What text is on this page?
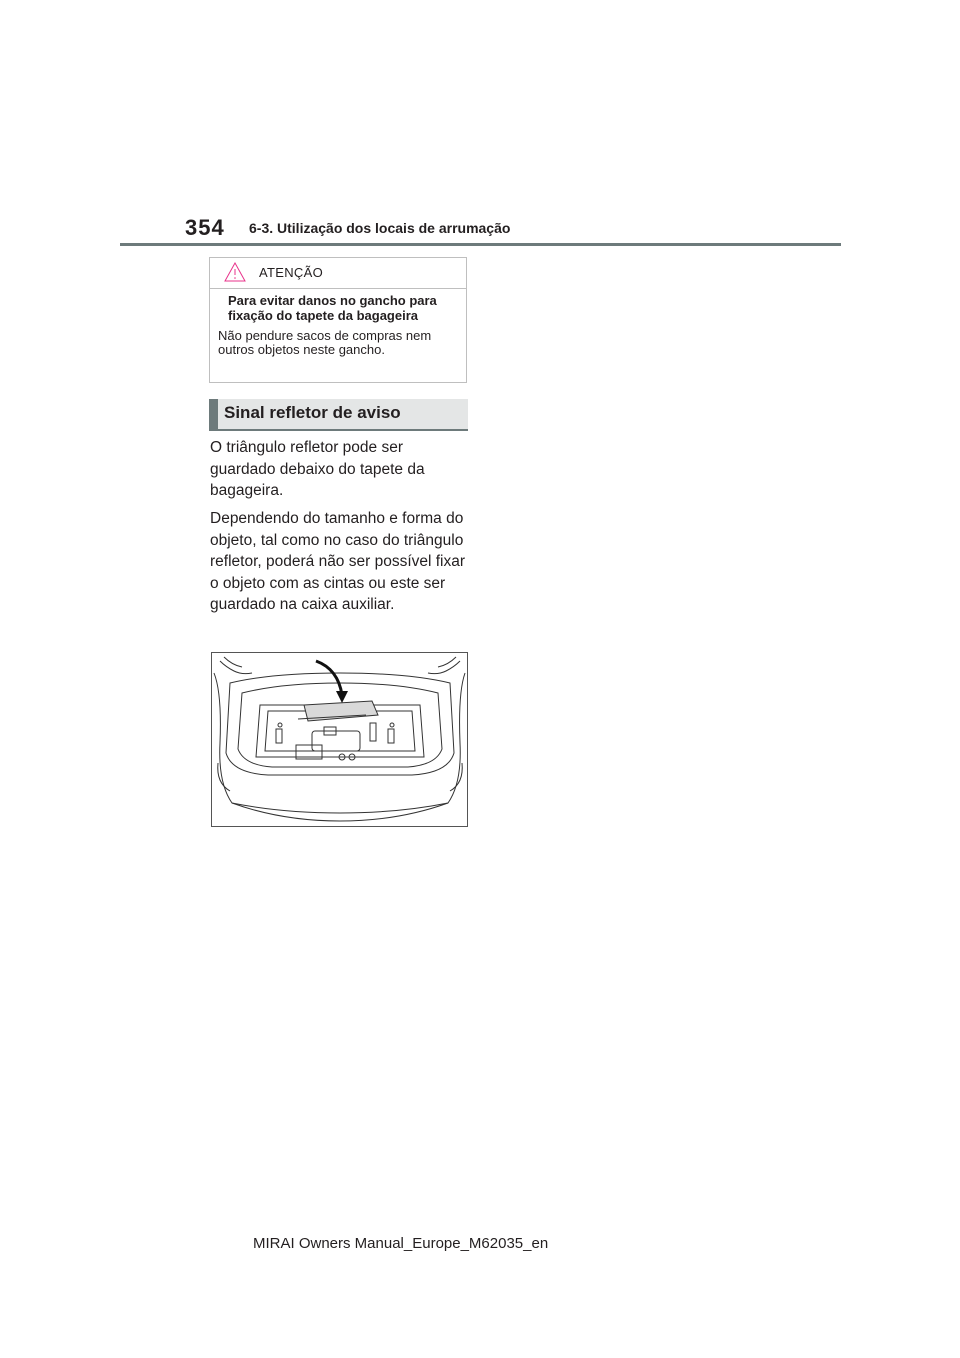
354 6-3. Utilização dos locais de arrumação
ATENÇÃO
Para evitar danos no gancho para fixação do tapete da bagageira
Não pendure sacos de compras nem outros objetos neste gancho.
Sinal refletor de aviso
O triângulo refletor pode ser guardado debaixo do tapete da bagageira.
Dependendo do tamanho e forma do objeto, tal como no caso do triângulo refletor, poderá não ser possível fixar o objeto com as cintas ou este ser guardado na caixa auxiliar.
MIRAI Owners Manual_Europe_M62035_en
